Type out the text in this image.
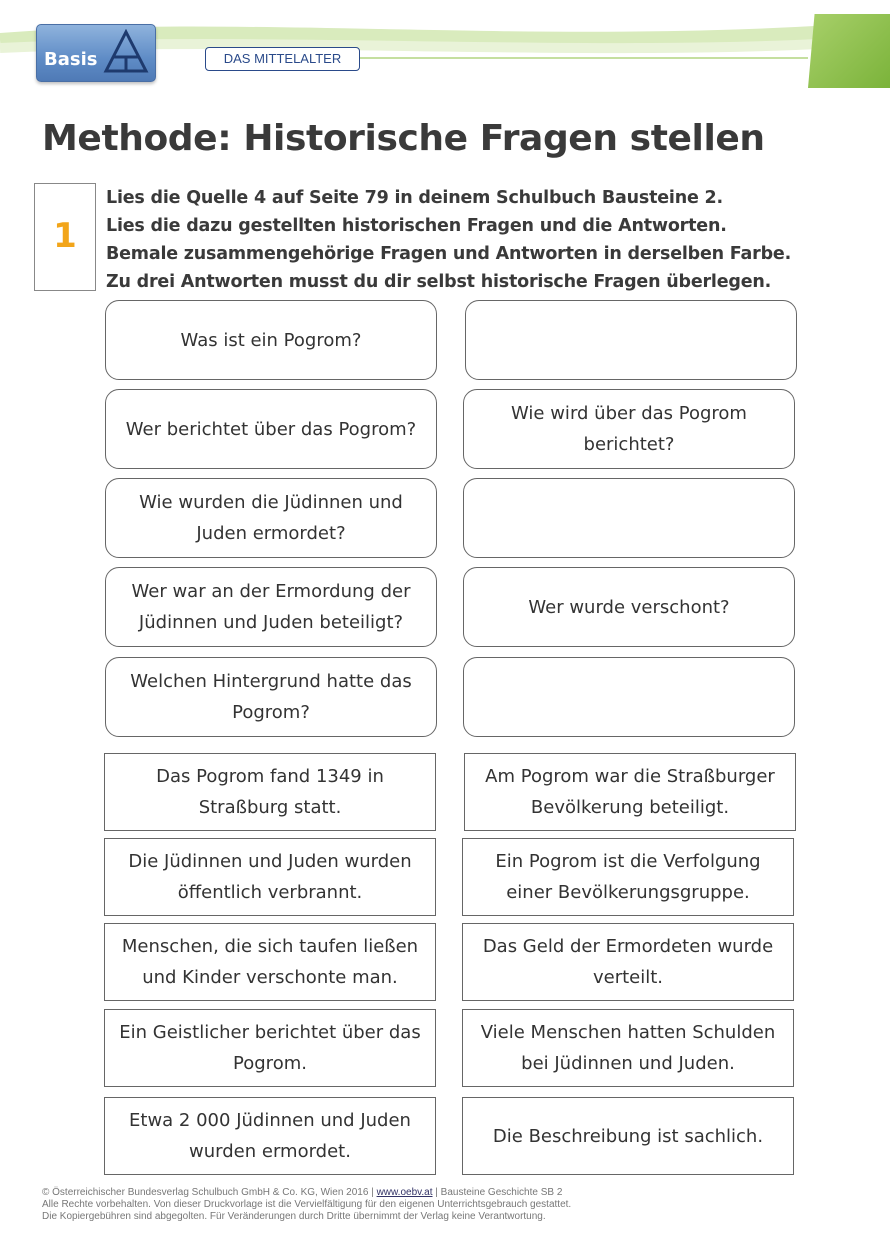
Basis	DAS MITTELALTER
Methode: Historische Fragen stellen
1
Lies die Quelle 4 auf Seite 79 in deinem Schulbuch Bausteine 2.
Lies die dazu gestellten historischen Fragen und die Antworten.
Bemale zusammengehörige Fragen und Antworten in derselben Farbe.
Zu drei Antworten musst du dir selbst historische Fragen überlegen.
Was ist ein Pogrom?
Wer berichtet über das Pogrom?
Wie wird über das Pogrom berichtet?
Wie wurden die Jüdinnen und Juden ermordet?
Wer war an der Ermordung der Jüdinnen und Juden beteiligt?
Wer wurde verschont?
Welchen Hintergrund hatte das Pogrom?
Das Pogrom fand 1349 in Straßburg statt.
Am Pogrom war die Straßburger Bevölkerung beteiligt.
Die Jüdinnen und Juden wurden öffentlich verbrannt.
Ein Pogrom ist die Verfolgung einer Bevölkerungsgruppe.
Menschen, die sich taufen ließen und Kinder verschonte man.
Das Geld der Ermordeten wurde verteilt.
Ein Geistlicher berichtet über das Pogrom.
Viele Menschen hatten Schulden bei Jüdinnen und Juden.
Etwa 2 000 Jüdinnen und Juden wurden ermordet.
Die Beschreibung ist sachlich.
© Österreichischer Bundesverlag Schulbuch GmbH & Co. KG, Wien 2016 | www.oebv.at | Bausteine Geschichte SB 2
Alle Rechte vorbehalten. Von dieser Druckvorlage ist die Vervielfältigung für den eigenen Unterrichtsgebrauch gestattet.
Die Kopiergebühren sind abgegolten. Für Veränderungen durch Dritte übernimmt der Verlag keine Verantwortung.
